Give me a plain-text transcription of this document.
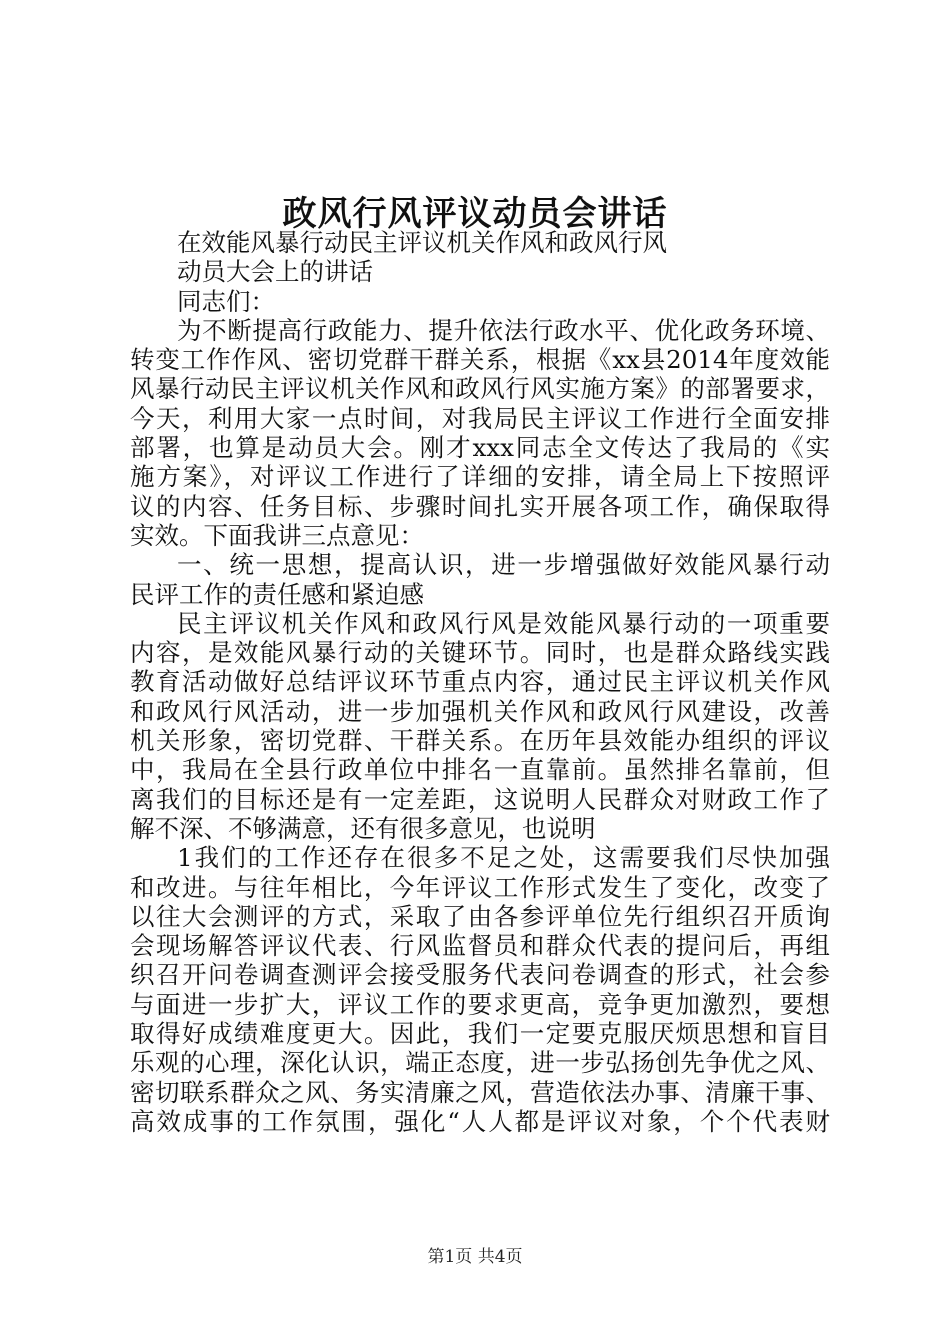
政风行风评议动员会讲话
在效能风暴行动民主评议机关作风和政风行风
动员大会上的讲话
同志们：
为不断提高行政能力、提升依法行政水平、优化政务环境、
转变工作作风、密切党群干群关系，根据《xx县2014年度效能
风暴行动民主评议机关作风和政风行风实施方案》的部署要求，
今天，利用大家一点时间，对我局民主评议工作进行全面安排
部署，也算是动员大会。刚才xxx同志全文传达了我局的《实
施方案》，对评议工作进行了详细的安排，请全局上下按照评
议的内容、任务目标、步骤时间扎实开展各项工作，确保取得
实效。下面我讲三点意见：
一、统一思想，提高认识，进一步增强做好效能风暴行动
民评工作的责任感和紧迫感
民主评议机关作风和政风行风是效能风暴行动的一项重要
内容，是效能风暴行动的关键环节。同时，也是群众路线实践
教育活动做好总结评议环节重点内容，通过民主评议机关作风
和政风行风活动，进一步加强机关作风和政风行风建设，改善
机关形象，密切党群、干群关系。在历年县效能办组织的评议
中，我局在全县行政单位中排名一直靠前。虽然排名靠前，但
离我们的目标还是有一定差距，这说明人民群众对财政工作了
解不深、不够满意，还有很多意见，也说明
1我们的工作还存在很多不足之处，这需要我们尽快加强
和改进。与往年相比，今年评议工作形式发生了变化，改变了
以往大会测评的方式，采取了由各参评单位先行组织召开质询
会现场解答评议代表、行风监督员和群众代表的提问后，再组
织召开问卷调查测评会接受服务代表问卷调查的形式，社会参
与面进一步扩大，评议工作的要求更高，竞争更加激烈，要想
取得好成绩难度更大。因此，我们一定要克服厌烦思想和盲目
乐观的心理，深化认识，端正态度，进一步弘扬创先争优之风、
密切联系群众之风、务实清廉之风，营造依法办事、清廉干事、
高效成事的工作氛围，强化“人人都是评议对象，个个代表财
第1页 共4页
